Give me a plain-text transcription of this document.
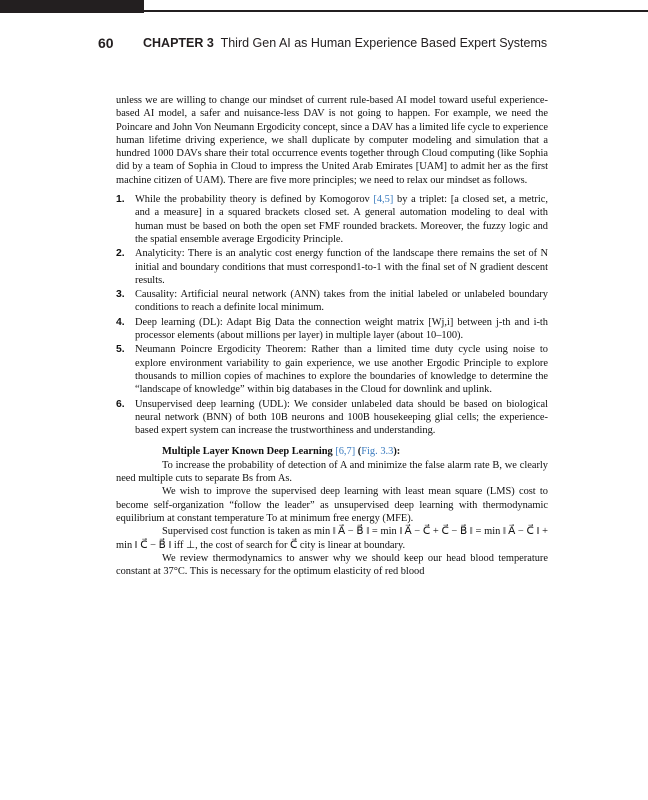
60 CHAPTER 3 Third Gen AI as Human Experience Based Expert Systems

unless we are willing to change our mindset of current rule-based AI model toward useful experience-based AI model, a safer and nuisance-less DAV is not going to happen. For example, we need the Poincare and John Von Neumann Ergodicity concept, since a DAV has a limited life cycle to experience human lifetime driving experience, we shall duplicate by computer modeling and simulation that a hundred 1000 DAVs share their total occurrence events together through Cloud computing (like Sophia did by a team of Sophia in Cloud to impress the United Arab Emirates [UAM] to admit her as the first machine citizen of UAM). There are five more principles; we need to relax our mindset as follows.

1. While the probability theory is defined by Komogorov [4,5] by a triplet: [a closed set, a metric, and a measure] in a squared brackets closed set. A general automation modeling to deal with human must be based on both the open set FMF rounded brackets. Moreover, the fuzzy logic and the spatial ensemble average Ergodicity Principle.
2. Analyticity: There is an analytic cost energy function of the landscape there remains the set of N initial and boundary conditions that must correspond1-to-1 with the final set of N gradient descent results.
3. Causality: Artificial neural network (ANN) takes from the initial labeled or unlabeled boundary conditions to reach a definite local minimum.
4. Deep learning (DL): Adapt Big Data the connection weight matrix [Wj,i] between j-th and i-th processor elements (about millions per layer) in multiple layer (about 10–100).
5. Neumann Poincre Ergodicity Theorem: Rather than a limited time duty cycle using noise to explore environment variability to gain experience, we use another Ergodic Principle to explore thousands to million copies of machines to explore the boundaries of knowledge to determine the “landscape of knowledge” within big databases in the Cloud for downlink and uplink.
6. Unsupervised deep learning (UDL): We consider unlabeled data should be based on biological neural network (BNN) of both 10B neurons and 100B housekeeping glial cells; the experience-based expert system can increase the trustworthiness and understanding.

Multiple Layer Known Deep Learning [6,7] (Fig. 3.3):

To increase the probability of detection of A and minimize the false alarm rate B, we clearly need multiple cuts to separate Bs from As.

We wish to improve the supervised deep learning with least mean square (LMS) cost to become self-organization “follow the leader” as unsupervised deep learning with thermodynamic equilibrium at constant temperature To at minimum free energy (MFE).

Supervised cost function is taken as min ‖ A⃗ − B⃗ ‖ = min ‖ A⃗ − C⃗ + C⃗ − B⃗ ‖ = min ‖ A⃗ − C⃗ ‖ + min ‖ C⃗ − B⃗ ‖ iff ⊥, the cost of search for C⃗ city is linear at boundary.

We review thermodynamics to answer why we should keep our head blood temperature constant at 37°C. This is necessary for the optimum elasticity of red blood
